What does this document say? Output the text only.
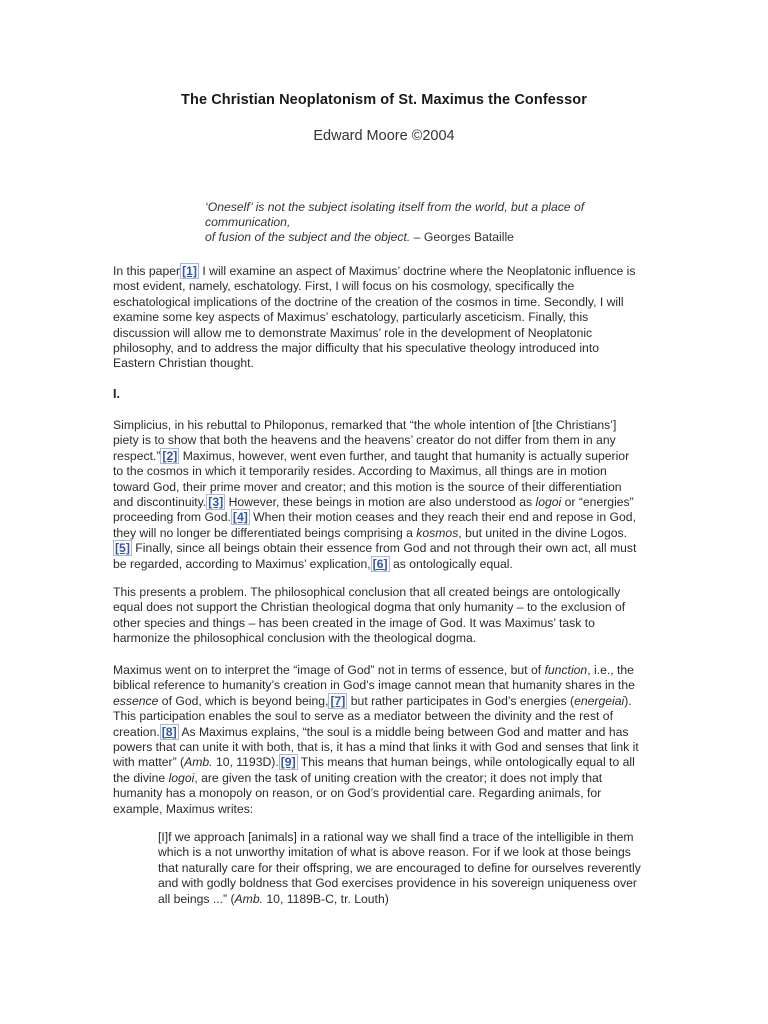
The Christian Neoplatonism of St. Maximus the Confessor
Edward Moore ©2004
‘Oneself’ is not the subject isolating itself from the world, but a place of
communication,
of fusion of the subject and the object. – Georges Bataille
In this paper [1] I will examine an aspect of Maximus’ doctrine where the Neoplatonic influence is
most evident, namely, eschatology. First, I will focus on his cosmology, specifically the
eschatological implications of the doctrine of the creation of the cosmos in time. Secondly, I will
examine some key aspects of Maximus’ eschatology, particularly asceticism. Finally, this
discussion will allow me to demonstrate Maximus’ role in the development of Neoplatonic
philosophy, and to address the major difficulty that his speculative theology introduced into
Eastern Christian thought.
I.
Simplicius, in his rebuttal to Philoponus, remarked that “the whole intention of [the Christians’]
piety is to show that both the heavens and the heavens’ creator do not differ from them in any
respect.” [2] Maximus, however, went even further, and taught that humanity is actually superior
to the cosmos in which it temporarily resides. According to Maximus, all things are in motion
toward God, their prime mover and creator; and this motion is the source of their differentiation
and discontinuity. [3] However, these beings in motion are also understood as logoi or “energies”
proceeding from God. [4] When their motion ceases and they reach their end and repose in God,
they will no longer be differentiated beings comprising a kosmos, but united in the divine Logos.
[5] Finally, since all beings obtain their essence from God and not through their own act, all must
be regarded, according to Maximus’ explication, [6] as ontologically equal.
This presents a problem. The philosophical conclusion that all created beings are ontologically
equal does not support the Christian theological dogma that only humanity – to the exclusion of
other species and things – has been created in the image of God. It was Maximus’ task to
harmonize the philosophical conclusion with the theological dogma.
Maximus went on to interpret the “image of God” not in terms of essence, but of function, i.e., the
biblical reference to humanity’s creation in God’s image cannot mean that humanity shares in the
essence of God, which is beyond being, [7] but rather participates in God’s energies (energeiai).
This participation enables the soul to serve as a mediator between the divinity and the rest of
creation. [8] As Maximus explains, “the soul is a middle being between God and matter and has
powers that can unite it with both, that is, it has a mind that links it with God and senses that link it
with matter” (Amb. 10, 1193D). [9] This means that human beings, while ontologically equal to all
the divine logoi, are given the task of uniting creation with the creator; it does not imply that
humanity has a monopoly on reason, or on God’s providential care. Regarding animals, for
example, Maximus writes:
[I]f we approach [animals] in a rational way we shall find a trace of the intelligible in them
which is a not unworthy imitation of what is above reason. For if we look at those beings
that naturally care for their offspring, we are encouraged to define for ourselves reverently
and with godly boldness that God exercises providence in his sovereign uniqueness over
all beings ...” (Amb. 10, 1189B-C, tr. Louth)
